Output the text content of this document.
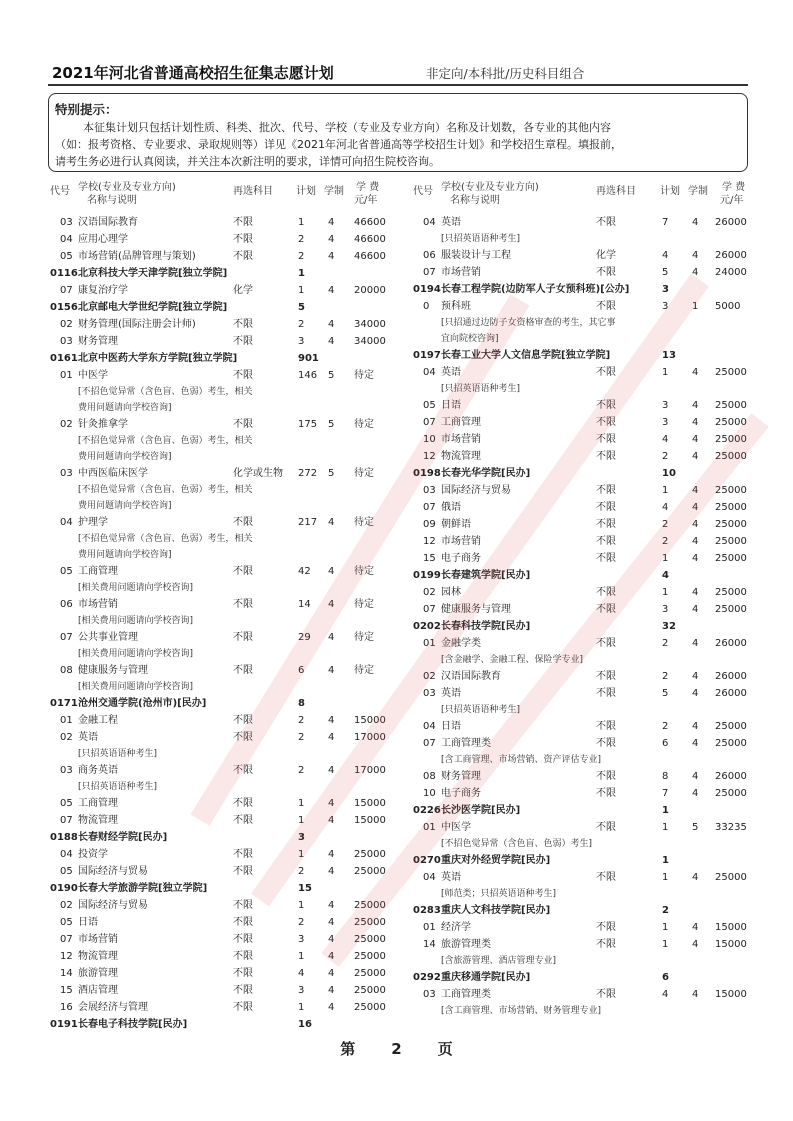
2021年河北省普通高校招生征集志愿计划	非定向/本科批/历史科目组合
特别提示：
本征集计划只包括计划性质、科类、批次、代号、学校（专业及专业方向）名称及计划数，各专业的其他内容
（如：报考资格、专业要求、录取规则等）详见《2021年河北省普通高等学校招生计划》和学校招生章程。填报前，
请考生务必进行认真阅读，并关注本次新注明的要求，详情可向招生院校咨询。
代号 学校(专业及专业方向)
名称与说明
再选科目 计划 学制 学 费
元/年
代号 学校(专业及专业方向)
名称与说明
再选科目 计划 学制 学 费
元/年
03 汉语国际教育	不限	1 4 46600
04 应用心理学	不限	2 4 46600
05 市场营销(品牌管理与策划)	不限	2 4 46600
0116 北京科技大学天津学院[独立学院]	1
07 康复治疗学	化学	1 4 20000
0156 北京邮电大学世纪学院[独立学院]	5
02 财务管理(国际注册会计师)	不限	2 4 34000
03 财务管理	不限	3 4 34000
0161 北京中医药大学东方学院[独立学院]	901
01 中医学	不限	146 5 待定
[不招色觉异常（含色盲、色弱）考生，相关
费用问题请向学校咨询]
02 针灸推拿学	不限	175 5 待定
[不招色觉异常（含色盲、色弱）考生，相关
费用问题请向学校咨询]
03 中西医临床医学	化学或生物 272 5 待定
[不招色觉异常（含色盲、色弱）考生，相关
费用问题请向学校咨询]
04 护理学	不限	217 4 待定
[不招色觉异常（含色盲、色弱）考生，相关
费用问题请向学校咨询]
05 工商管理	不限	42 4 待定
[相关费用问题请向学校咨询]
06 市场营销	不限	14 4 待定
[相关费用问题请向学校咨询]
07 公共事业管理	不限	29 4 待定
[相关费用问题请向学校咨询]
08 健康服务与管理	不限	6 4 待定
[相关费用问题请向学校咨询]
0171 沧州交通学院(沧州市)[民办]	8
01 金融工程	不限	2 4 15000
02 英语	不限	2 4 17000
[只招英语语种考生]
03 商务英语	不限	2 4 17000
[只招英语语种考生]
05 工商管理	不限	1 4 15000
07 物流管理	不限	1 4 15000
0188 长春财经学院[民办]	3
04 投资学	不限	1 4 25000
05 国际经济与贸易	不限	2 4 25000
0190 长春大学旅游学院[独立学院]	15
02 国际经济与贸易	不限	1 4 25000
05 日语	不限	2 4 25000
07 市场营销	不限	3 4 25000
12 物流管理	不限	1 4 25000
14 旅游管理	不限	4 4 25000
15 酒店管理	不限	3 4 25000
16 会展经济与管理	不限	1 4 25000
0191 长春电子科技学院[民办]	16
04 英语	不限	7 4 26000
[只招英语语种考生]
06 服装设计与工程	化学	4 4 26000
07 市场营销	不限	5 4 24000
0194 长春工程学院(边防军人子女预科班)[公办]	3
0 预科班	不限	3 1 5000
[只招通过边防子女资格审查的考生，其它事
宜向院校咨询]
0197 长春工业大学人文信息学院[独立学院]	13
04 英语	不限	1 4 25000
[只招英语语种考生]
05 日语	不限	3 4 25000
07 工商管理	不限	3 4 25000
10 市场营销	不限	4 4 25000
12 物流管理	不限	2 4 25000
0198 长春光华学院[民办]	10
03 国际经济与贸易	不限	1 4 25000
07 俄语	不限	4 4 25000
09 朝鲜语	不限	2 4 25000
12 市场营销	不限	2 4 25000
15 电子商务	不限	1 4 25000
0199 长春建筑学院[民办]	4
02 园林	不限	1 4 25000
07 健康服务与管理	不限	3 4 25000
0202 长春科技学院[民办]	32
01 金融学类	不限	2 4 26000
[含金融学、金融工程、保险学专业]
02 汉语国际教育	不限	2 4 26000
03 英语	不限	5 4 26000
[只招英语语种考生]
04 日语	不限	2 4 25000
07 工商管理类	不限	6 4 25000
[含工商管理、市场营销、资产评估专业]
08 财务管理	不限	8 4 26000
10 电子商务	不限	7 4 25000
0226 长沙医学院[民办]	1
01 中医学	不限	1 5 33235
[不招色觉异常（含色盲、色弱）考生]
0270 重庆对外经贸学院[民办]	1
04 英语	不限	1 4 25000
[师范类；只招英语语种考生]
0283 重庆人文科技学院[民办]	2
01 经济学	不限	1 4 15000
14 旅游管理类	不限	1 4 15000
[含旅游管理、酒店管理专业]
0292 重庆移通学院[民办]	6
03 工商管理类	不限	4 4 15000
[含工商管理、市场营销、财务管理专业]
第 2 页
